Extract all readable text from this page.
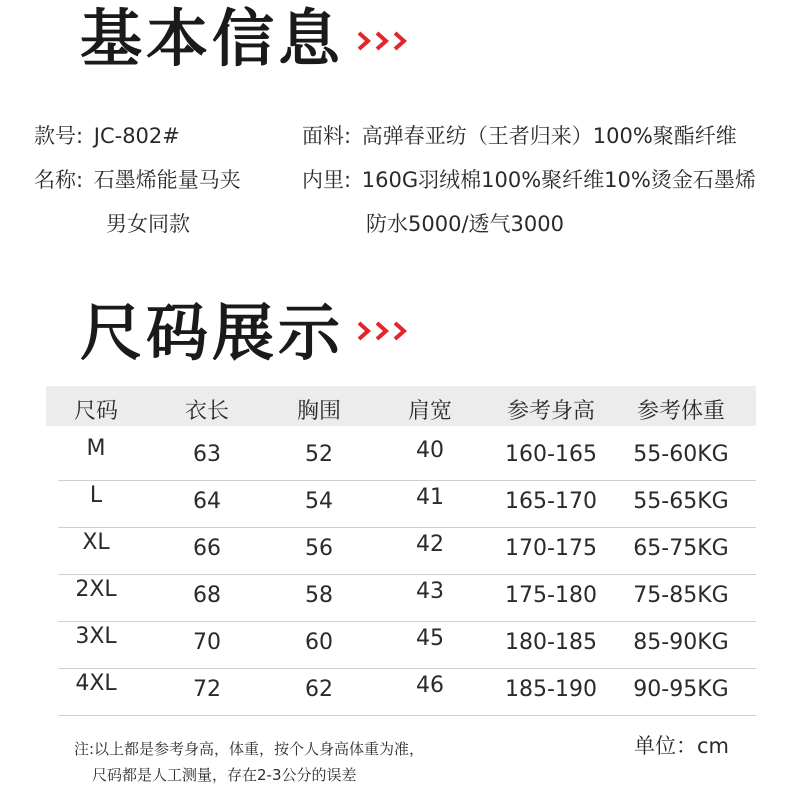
基本信息
款号: JC-802#	面料: 高弹春亚纺（王者归来）100%聚酯纤维
名称: 石墨烯能量马夹	内里: 160G羽绒棉100%聚纤维10%烫金石墨烯
男女同款	防水5000/透气3000
尺码展示
尺码	衣长	胸围	肩宽 参考身高 参考体重
M	63	52	40	160-165 55-60KG
L	64	54	41	165-170 55-65KG
XL	66	56	42	170-175 65-75KG
2XL	68	58	43	175-180 75-85KG
3XL	70	60	45	180-185 85-90KG
4XL	72	62	46	185-190 90-95KG
注:以上都是参考身高，体重，按个人身高体重为准，
尺码都是人工测量，存在2-3公分的误差
单位：cm
